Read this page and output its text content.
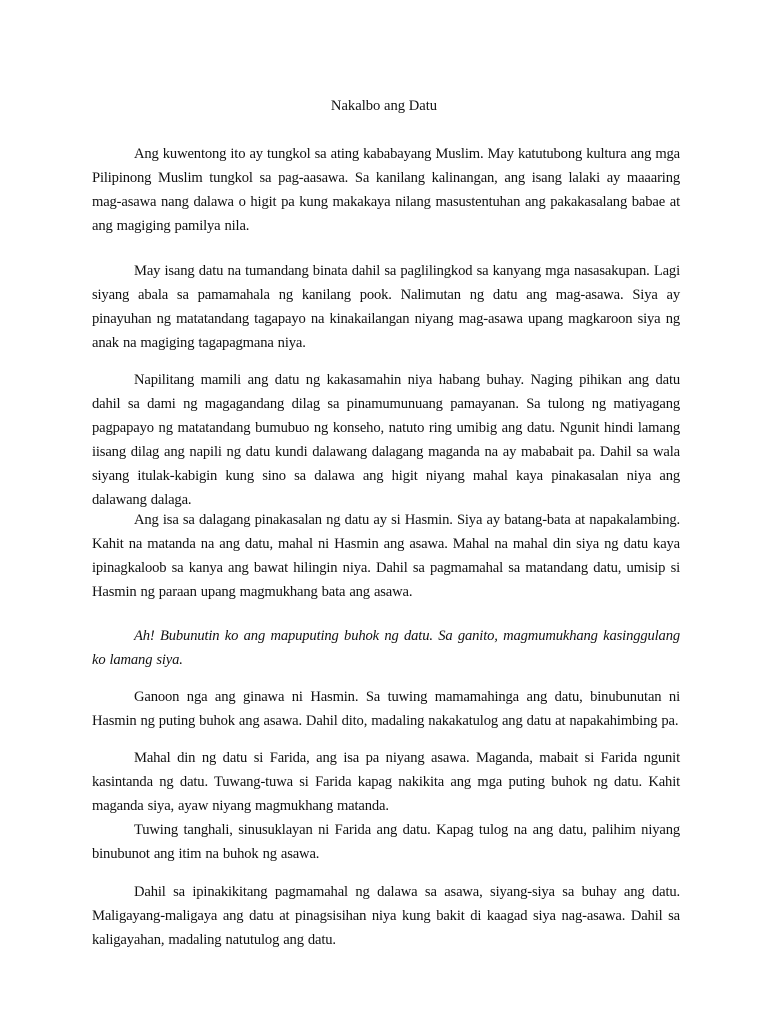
Nakalbo ang Datu

Ang kuwentong ito ay tungkol sa ating kababayang Muslim. May katutubong kultura ang mga Pilipinong Muslim tungkol sa pag-aasawa. Sa kanilang kalinangan, ang isang lalaki ay maaaring mag-asawa nang dalawa o higit pa kung makakaya nilang masustentuhan ang pakakasalang babae at ang magiging pamilya nila.

May isang datu na tumandang binata dahil sa paglilingkod sa kanyang mga nasasakupan. Lagi siyang abala sa pamamahala ng kanilang pook. Nalimutan ng datu ang mag-asawa. Siya ay pinayuhan ng matatandang tagapayo na kinakailangan niyang mag-asawa upang magkaroon siya ng anak na magiging tagapagmana niya.

Napilitang mamili ang datu ng kakasamahin niya habang buhay. Naging pihikan ang datu dahil sa dami ng magagandang dilag sa pinamumunuang pamayanan. Sa tulong ng matiyagang pagpapayo ng matatandang bumubuo ng konseho, natuto ring umibig ang datu. Ngunit hindi lamang iisang dilag ang napili ng datu kundi dalawang dalagang maganda na ay mababait pa. Dahil sa wala siyang itulak-kabigin kung sino sa dalawa ang higit niyang mahal kaya pinakasalan niya ang dalawang dalaga.

Ang isa sa dalagang pinakasalan ng datu ay si Hasmin. Siya ay batang-bata at napakalambing. Kahit na matanda na ang datu, mahal ni Hasmin ang asawa. Mahal na mahal din siya ng datu kaya ipinagkaloob sa kanya ang bawat hilingin niya. Dahil sa pagmamahal sa matandang datu, umisip si Hasmin ng paraan upang magmukhang bata ang asawa.

Ah! Bubunutin ko ang mapuputing buhok ng datu. Sa ganito, magmumukhang kasinggulang ko lamang siya.

Ganoon nga ang ginawa ni Hasmin. Sa tuwing mamamahinga ang datu, binubunutan ni Hasmin ng puting buhok ang asawa. Dahil dito, madaling nakakatulog ang datu at napakahimbing pa.

Mahal din ng datu si Farida, ang isa pa niyang asawa. Maganda, mabait si Farida ngunit kasintanda ng datu. Tuwang-tuwa si Farida kapag nakikita ang mga puting buhok ng datu. Kahit maganda siya, ayaw niyang magmukhang matanda.

Tuwing tanghali, sinusuklayan ni Farida ang datu. Kapag tulog na ang datu, palihim niyang binubunot ang itim na buhok ng asawa.

Dahil sa ipinakikitang pagmamahal ng dalawa sa asawa, siyang-siya sa buhay ang datu. Maligayang-maligaya ang datu at pinagsisihan niya kung bakit di kaagad siya nag-asawa. Dahil sa kaligayahan, madaling natutulog ang datu.
